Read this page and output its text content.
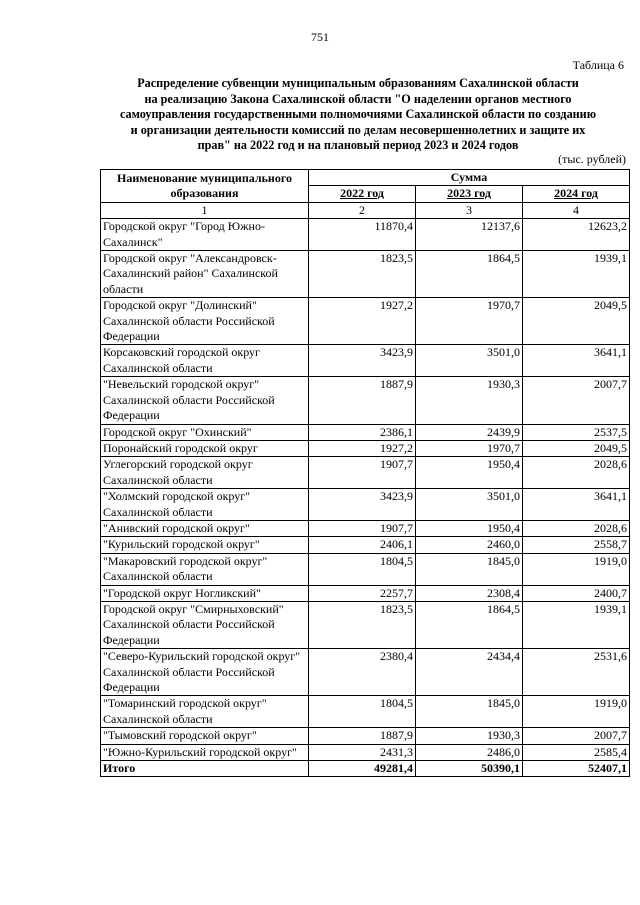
751
Таблица 6
Распределение субвенции муниципальным образованиям Сахалинской области
на реализацию Закона Сахалинской области "О наделении органов местного
самоуправления государственными полномочиями Сахалинской области по созданию
и организации деятельности комиссий по делам несовершеннолетних и защите их
прав" на 2022 год и на плановый период 2023 и 2024 годов
(тыс. рублей)
Наименование муниципального образования	Сумма		
	2022 год	2023 год	2024 год
1	2	3	4
Городской округ "Город Южно-Сахалинск"	11870,4	12137,6	12623,2
Городской округ "Александровск-Сахалинский район" Сахалинской области	1823,5	1864,5	1939,1
Городской округ "Долинский" Сахалинской области Российской Федерации	1927,2	1970,7	2049,5
Корсаковский городской округ Сахалинской области	3423,9	3501,0	3641,1
"Невельский городской округ" Сахалинской области Российской Федерации	1887,9	1930,3	2007,7
Городской округ "Охинский"	2386,1	2439,9	2537,5
Поронайский городской округ	1927,2	1970,7	2049,5
Углегорский городской округ Сахалинской области	1907,7	1950,4	2028,6
"Холмский городской округ" Сахалинской области	3423,9	3501,0	3641,1
"Анивский городской округ"	1907,7	1950,4	2028,6
"Курильский городской округ"	2406,1	2460,0	2558,7
"Макаровский городской округ" Сахалинской области	1804,5	1845,0	1919,0
"Городской округ Ногликский"	2257,7	2308,4	2400,7
Городской округ "Смирныховский" Сахалинской области Российской Федерации	1823,5	1864,5	1939,1
"Северо-Курильский городской округ" Сахалинской области Российской Федерации	2380,4	2434,4	2531,6
"Томаринский городской округ" Сахалинской области	1804,5	1845,0	1919,0
"Тымовский городской округ"	1887,9	1930,3	2007,7
"Южно-Курильский городской округ"	2431,3	2486,0	2585,4
Итого	49281,4	50390,1	52407,1
